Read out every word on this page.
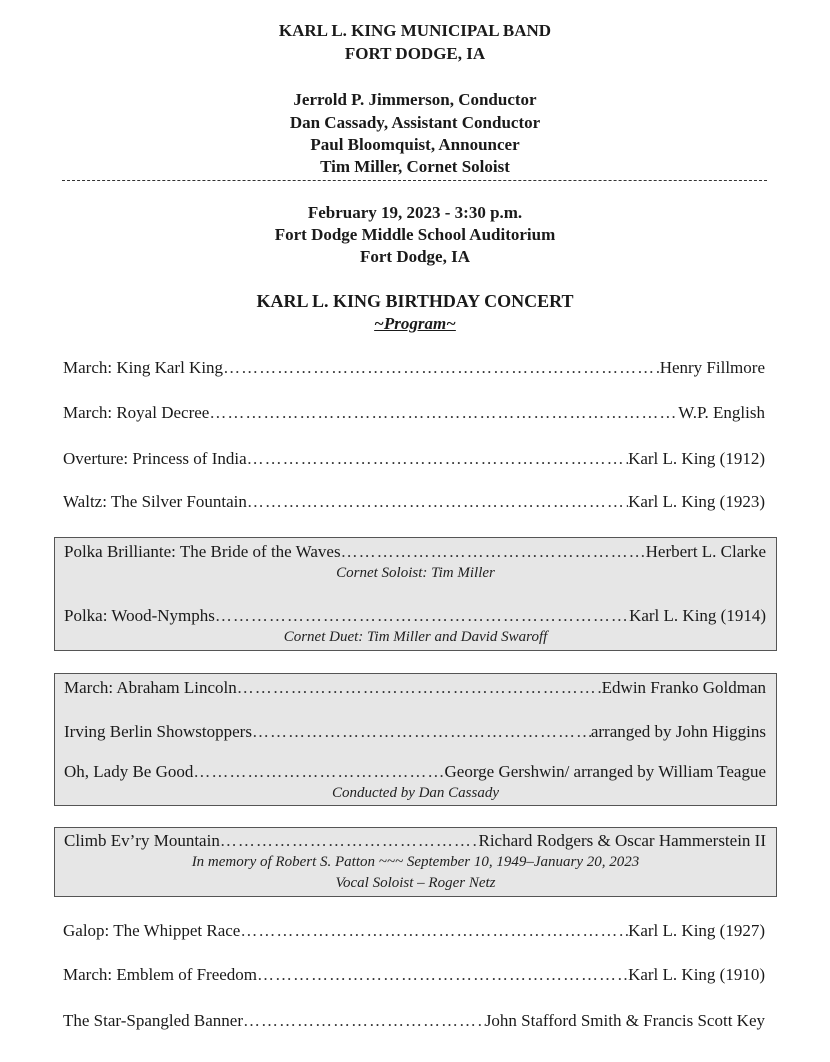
KARL L. KING MUNICIPAL BAND
FORT DODGE, IA
Jerrold P. Jimmerson, Conductor
Dan Cassady, Assistant Conductor
Paul Bloomquist, Announcer
Tim Miller, Cornet Soloist
February 19, 2023 - 3:30 p.m.
Fort Dodge Middle School Auditorium
Fort Dodge, IA
KARL L. KING BIRTHDAY CONCERT
~Program~
March: King Karl King ……………………………………………………………………………………………………………………………………………………	Henry Fillmore
March: Royal Decree ……………………………………………………………………………………………………………………………………………………	W.P. English
Overture: Princess of India ……………………………………………………………………………………………………………………………………………………	Karl L. King (1912)
Waltz: The Silver Fountain ……………………………………………………………………………………………………………………………………………………	Karl L. King (1923)
Polka Brilliante: The Bride of the Waves ……………………………………………………………………………………………………………………………………………………	Herbert L. Clarke
Cornet Soloist: Tim Miller
Polka: Wood-Nymphs ……………………………………………………………………………………………………………………………………………………	Karl L. King (1914)
Cornet Duet: Tim Miller and David Swaroff
March: Abraham Lincoln ……………………………………………………………………………………………………………………………………………………	Edwin Franko Goldman
Irving Berlin Showstoppers ……………………………………………………………………………………………………………………………………………………	arranged by John Higgins
Oh, Lady Be Good ……………………………………………………………………………………………………………………………………………………	George Gershwin/ arranged by William Teague
Conducted by Dan Cassady
Climb Ev’ry Mountain ……………………………………………………………………………………………………………………………………………………	Richard Rodgers & Oscar Hammerstein II
In memory of Robert S. Patton ~~~ September 10, 1949–January 20, 2023
Vocal Soloist – Roger Netz
Galop: The Whippet Race ……………………………………………………………………………………………………………………………………………………	Karl L. King (1927)
March: Emblem of Freedom ……………………………………………………………………………………………………………………………………………………	Karl L. King (1910)
The Star-Spangled Banner ……………………………………………………………………………………………………………………………………………………	John Stafford Smith & Francis Scott Key
